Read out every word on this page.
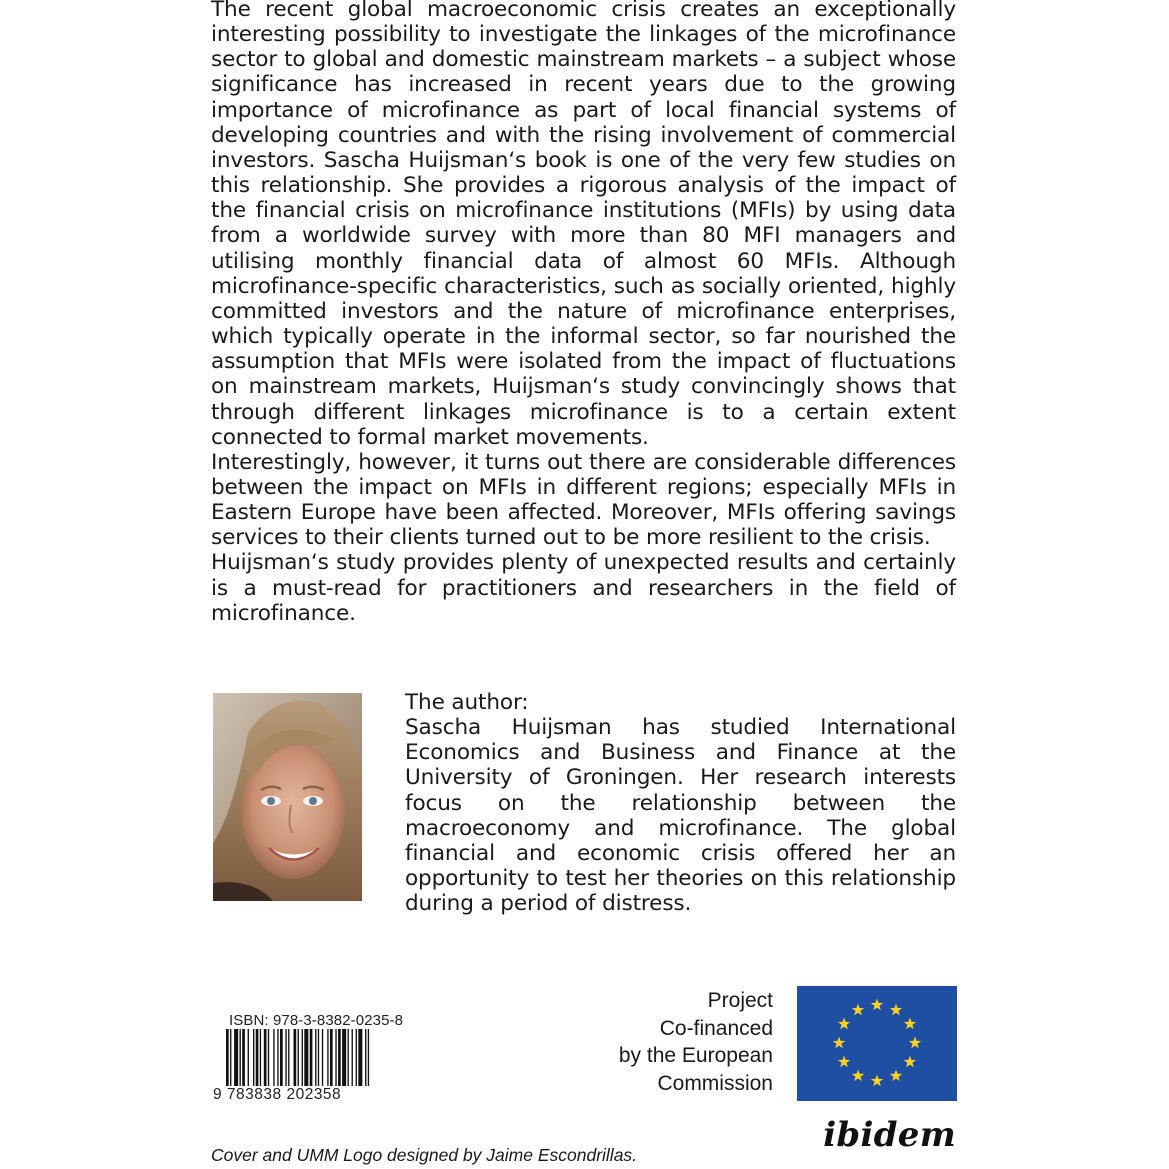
The recent global macroeconomic crisis creates an exceptionally interesting possibility to investigate the linkages of the microfinance sector to global and domestic mainstream markets – a subject whose significance has increased in recent years due to the growing importance of microfinance as part of local financial systems of developing countries and with the rising involvement of commercial investors. Sascha Huijsman‘s book is one of the very few studies on this relationship. She provides a rigorous analysis of the impact of the financial crisis on microfinance institutions (MFIs) by using data from a worldwide survey with more than 80 MFI managers and utilising monthly financial data of almost 60 MFIs. Although microfinance-specific characteristics, such as socially oriented, highly committed investors and the nature of microfinance enterprises, which typically operate in the informal sector, so far nourished the assumption that MFIs were isolated from the impact of fluctuations on mainstream markets, Huijsman‘s study convincingly shows that through different linkages microfinance is to a certain extent connected to formal market movements.

Interestingly, however, it turns out there are considerable differences between the impact on MFIs in different regions; especially MFIs in Eastern Europe have been affected. Moreover, MFIs offering savings services to their clients turned out to be more resilient to the crisis.

Huijsman‘s study provides plenty of unexpected results and certainly is a must-read for practitioners and researchers in the field of microfinance.

The author:

Sascha Huijsman has studied International Economics and Business and Finance at the University of Groningen. Her research interests focus on the relationship between the macroeconomy and microfinance. The global financial and economic crisis offered her an opportunity to test her theories on this relationship during a period of distress.

ISBN: 978-3-8382-0235-8
9 783838 202358
Project
Co-financed
by the European
Commission
ibidem
Cover and UMM Logo designed by Jaime Escondrillas.
